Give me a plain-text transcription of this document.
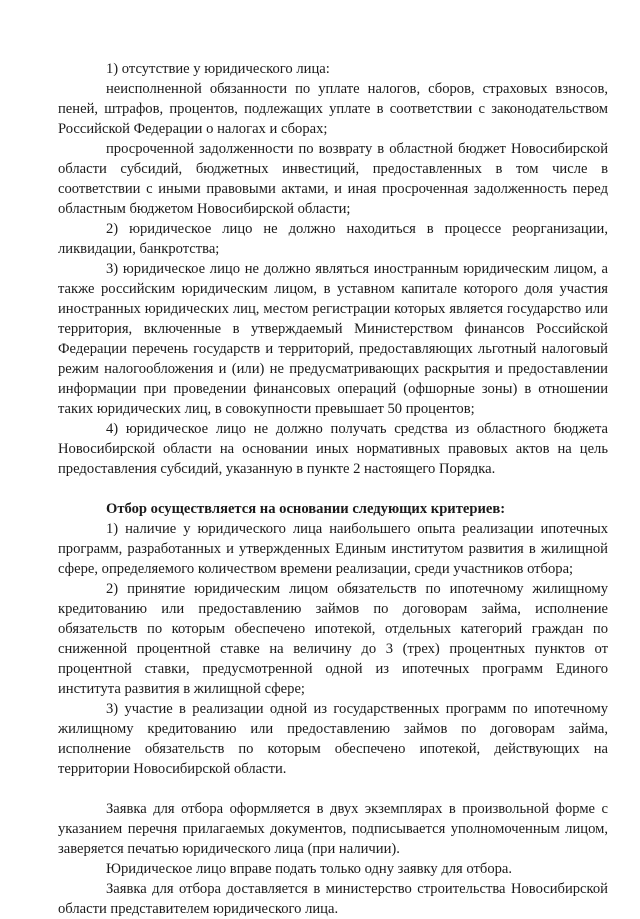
1) отсутствие у юридического лица:

неисполненной обязанности по уплате налогов, сборов, страховых взносов, пеней, штрафов, процентов, подлежащих уплате в соответствии с законодательством Российской Федерации о налогах и сборах;

просроченной задолженности по возврату в областной бюджет Новосибирской области субсидий, бюджетных инвестиций, предоставленных в том числе в соответствии с иными правовыми актами, и иная просроченная задолженность перед областным бюджетом Новосибирской области;

2) юридическое лицо не должно находиться в процессе реорганизации, ликвидации, банкротства;

3) юридическое лицо не должно являться иностранным юридическим лицом, а также российским юридическим лицом, в уставном капитале которого доля участия иностранных юридических лиц, местом регистрации которых является государство или территория, включенные в утверждаемый Министерством финансов Российской Федерации перечень государств и территорий, предоставляющих льготный налоговый режим налогообложения и (или) не предусматривающих раскрытия и предоставлении информации при проведении финансовых операций (офшорные зоны) в отношении таких юридических лиц, в совокупности превышает 50 процентов;

4) юридическое лицо не должно получать средства из областного бюджета Новосибирской области на основании иных нормативных правовых актов на цель предоставления субсидий, указанную в пункте 2 настоящего Порядка.

Отбор осуществляется на основании следующих критериев:

1) наличие у юридического лица наибольшего опыта реализации ипотечных программ, разработанных и утвержденных Единым институтом развития в жилищной сфере, определяемого количеством времени реализации, среди участников отбора;

2) принятие юридическим лицом обязательств по ипотечному жилищному кредитованию или предоставлению займов по договорам займа, исполнение обязательств по которым обеспечено ипотекой, отдельных категорий граждан по сниженной процентной ставке на величину до 3 (трех) процентных пунктов от процентной ставки, предусмотренной одной из ипотечных программ Единого института развития в жилищной сфере;

3) участие в реализации одной из государственных программ по ипотечному жилищному кредитованию или предоставлению займов по договорам займа, исполнение обязательств по которым обеспечено ипотекой, действующих на территории Новосибирской области.

Заявка для отбора оформляется в двух экземплярах в произвольной форме с указанием перечня прилагаемых документов, подписывается уполномоченным лицом, заверяется печатью юридического лица (при наличии).

Юридическое лицо вправе подать только одну заявку для отбора.

Заявка для отбора доставляется в министерство строительства Новосибирской области представителем юридического лица.
